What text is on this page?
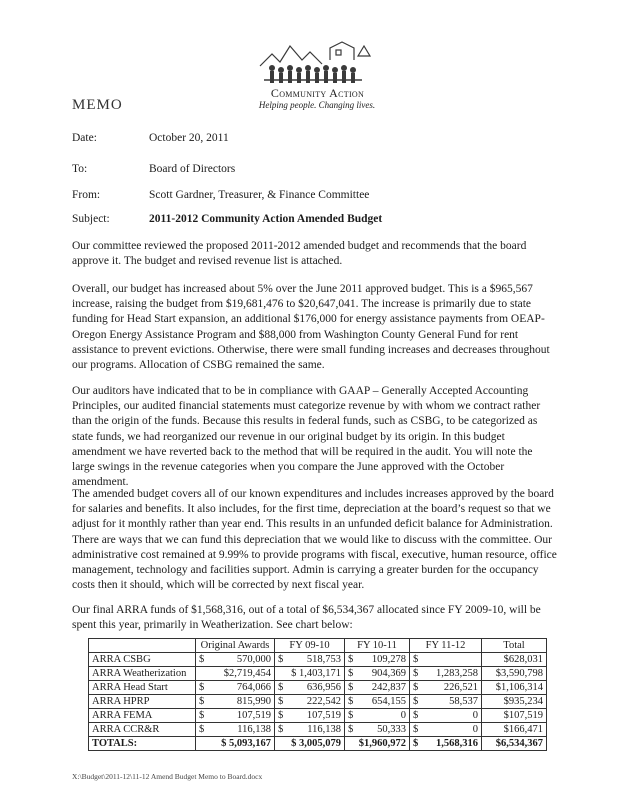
Community Action
Helping people. Changing lives.
MEMO
Date:	October 20, 2011
To:	Board of Directors
From:	Scott Gardner, Treasurer, & Finance Committee
Subject:	2011-2012 Community Action Amended Budget

Our committee reviewed the proposed 2011-2012 amended budget and recommends that the board approve it. The budget and revised revenue list is attached.

Overall, our budget has increased about 5% over the June 2011 approved budget. This is a $965,567 increase, raising the budget from $19,681,476 to $20,647,041. The increase is primarily due to state funding for Head Start expansion, an additional $176,000 for energy assistance payments from OEAP-Oregon Energy Assistance Program and $88,000 from Washington County General Fund for rent assistance to prevent evictions. Otherwise, there were small funding increases and decreases throughout our programs. Allocation of CSBG remained the same.

Our auditors have indicated that to be in compliance with GAAP – Generally Accepted Accounting Principles, our audited financial statements must categorize revenue by with whom we contract rather than the origin of the funds. Because this results in federal funds, such as CSBG, to be categorized as state funds, we had reorganized our revenue in our original budget by its origin. In this budget amendment we have reverted back to the method that will be required in the audit. You will note the large swings in the revenue categories when you compare the June approved with the October amendment.

The amended budget covers all of our known expenditures and includes increases approved by the board for salaries and benefits. It also includes, for the first time, depreciation at the board’s request so that we adjust for it monthly rather than year end. This results in an unfunded deficit balance for Administration. There are ways that we can fund this depreciation that we would like to discuss with the committee. Our administrative cost remained at 9.99% to provide programs with fiscal, executive, human resource, office management, technology and facilities support. Admin is carrying a greater burden for the occupancy costs then it should, which will be corrected by next fiscal year.

Our final ARRA funds of $1,568,316, out of a total of $6,534,367 allocated since FY 2009-10, will be spent this year, primarily in Weatherization. See chart below:

	Original Awards	FY 09-10	FY 10-11	FY 11-12	Total
ARRA CSBG	$ 570,000	$ 518,753	$ 109,278	$	$628,031
ARRA Weatherization	$2,719,454	$ 1,403,171	$ 904,369	$ 1,283,258	$3,590,798
ARRA Head Start	$ 764,066	$ 636,956	$ 242,837	$ 226,521	$1,106,314
ARRA HPRP	$ 815,990	$ 222,542	$ 654,155	$ 58,537	$935,234
ARRA FEMA	$ 107,519	$ 107,519	$ 0	$ 0	$107,519
ARRA CCR&R	$ 116,138	$ 116,138	$ 50,333	$ 0	$166,471
TOTALS:	$ 5,093,167	$ 3,005,079	$1,960,972	$ 1,568,316	$6,534,367
X:\Budget\2011-12\11-12 Amend Budget Memo to Board.docx
